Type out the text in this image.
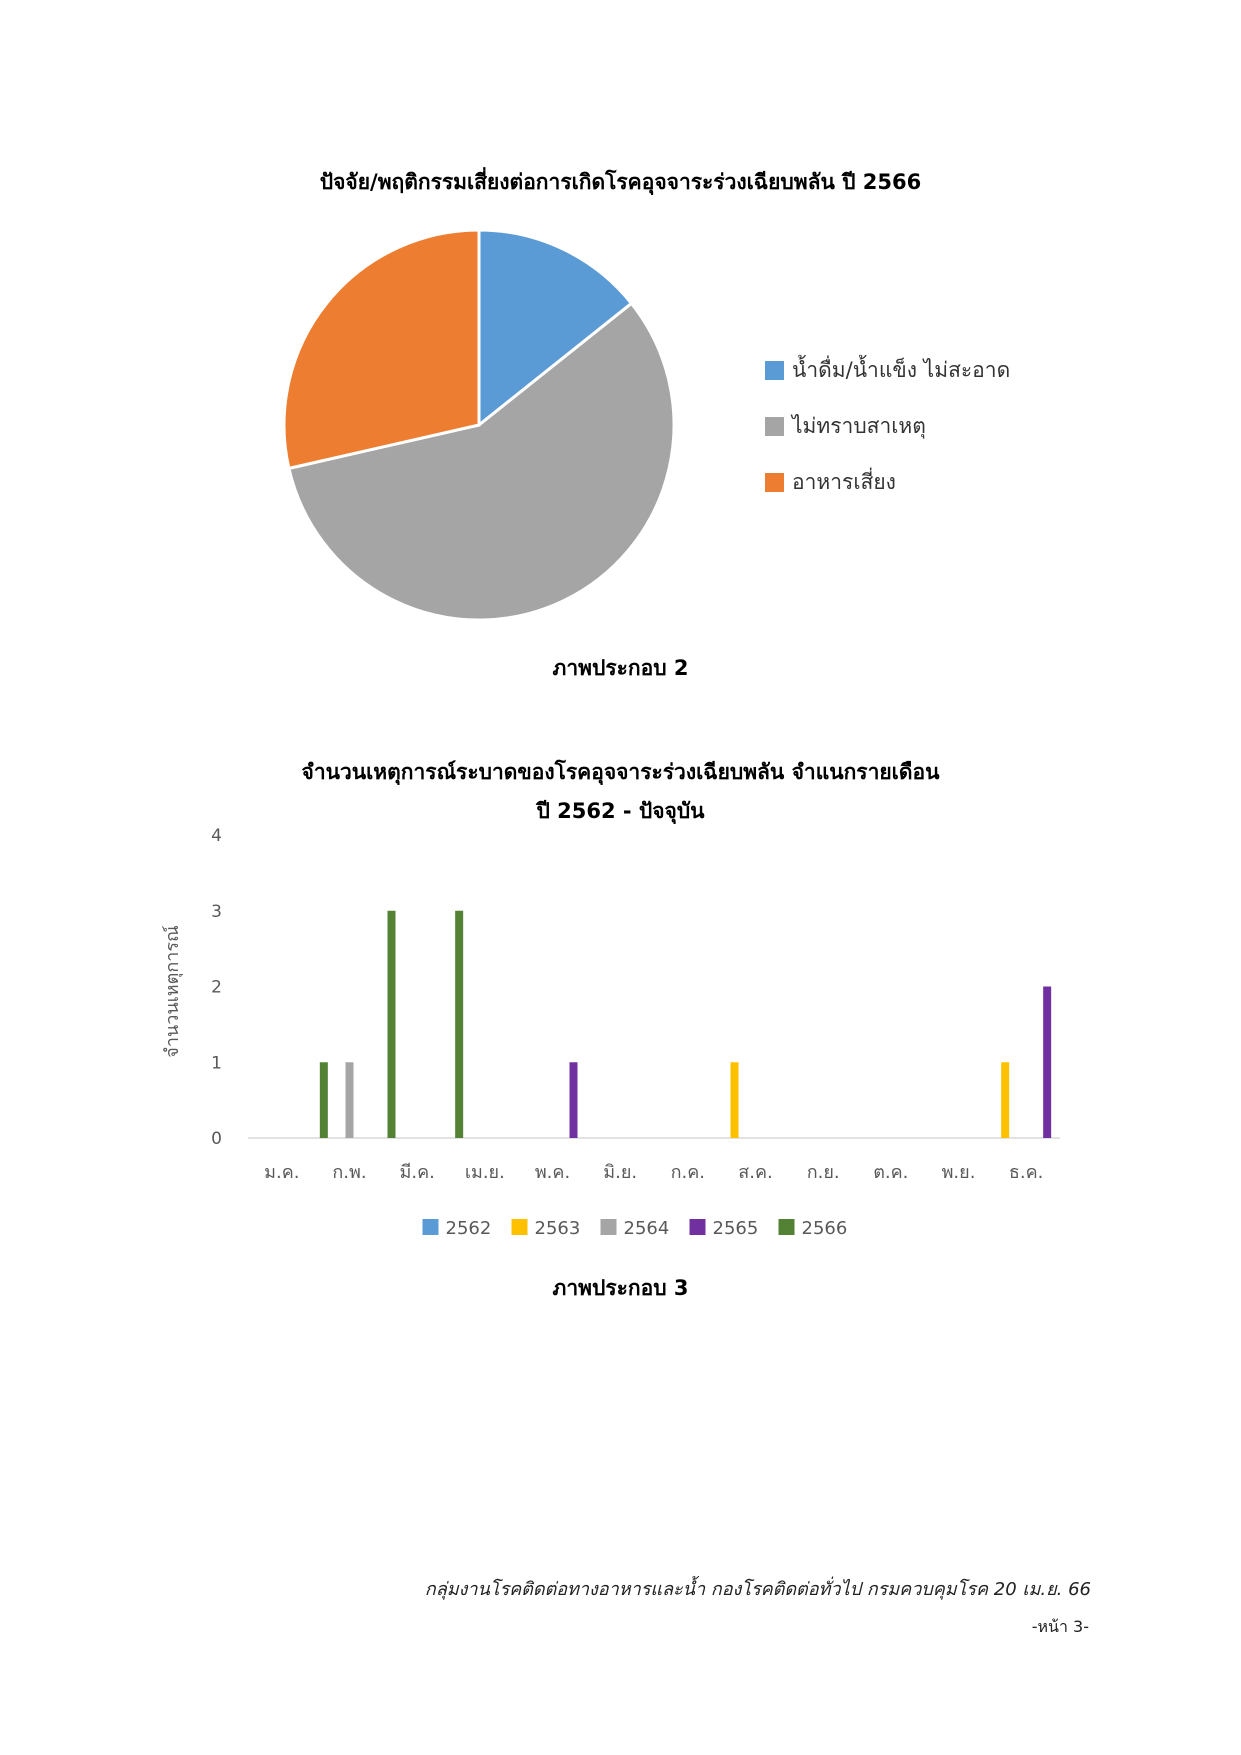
ปัจจัย/พฤติกรรมเสี่ยงต่อการเกิดโรคอุจจาระร่วงเฉียบพลัน ปี 2566
น้ำดื่ม/น้ำแข็ง ไม่สะอาด
ไม่ทราบสาเหตุ
อาหารเสี่ยง
ภาพประกอบ 2
จำนวนเหตุการณ์ระบาดของโรคอุจจาระร่วงเฉียบพลัน จำแนกรายเดือน
ปี 2562 - ปัจจุบัน
0
1
2
3
4
จำนวนเหตุการณ์
ม.ค. ก.พ. มี.ค. เม.ย. พ.ค. มิ.ย. ก.ค. ส.ค. ก.ย. ต.ค. พ.ย. ธ.ค.
2562 2563 2564 2565 2566
ภาพประกอบ 3
กลุ่มงานโรคติดต่อทางอาหารและน้ำ กองโรคติดต่อทั่วไป กรมควบคุมโรค 20 เม.ย. 66
-หน้า 3-
